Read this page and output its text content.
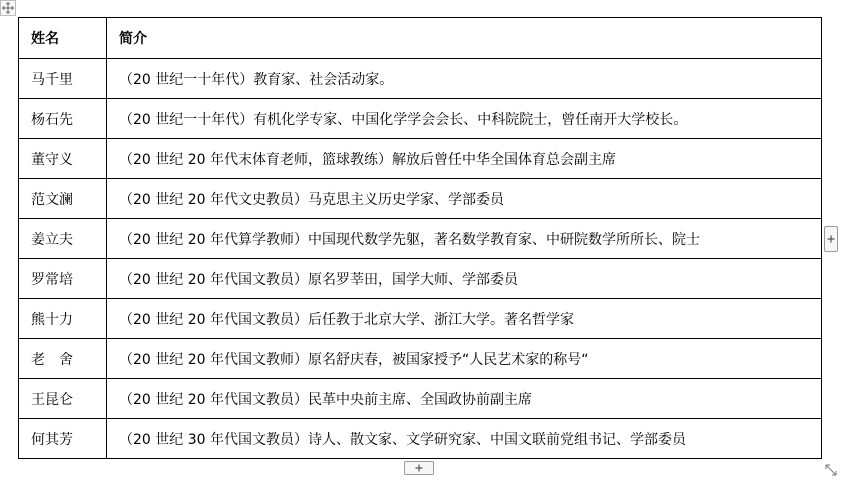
姓名	简介
马千里	（20 世纪一十年代）教育家、社会活动家。
杨石先	（20 世纪一十年代）有机化学专家、中国化学学会会长、中科院院士，曾任南开大学校长。
董守义	（20 世纪 20 年代末体育老师，篮球教练）解放后曾任中华全国体育总会副主席
范文澜	（20 世纪 20 年代文史教员）马克思主义历史学家、学部委员
姜立夫	（20 世纪 20 年代算学教师）中国现代数学先躯，著名数学教育家、中研院数学所所长、院士
罗常培	（20 世纪 20 年代国文教员）原名罗莘田，国学大师、学部委员
熊十力	（20 世纪 20 年代国文教员）后任教于北京大学、浙江大学。著名哲学家
老　舍	（20 世纪 20 年代国文教师）原名舒庆春，被国家授予“人民艺术家的称号“
王昆仑	（20 世纪 20 年代国文教员）民革中央前主席、全国政协前副主席
何其芳	（20 世纪 30 年代国文教员）诗人、散文家、文学研究家、中国文联前党组书记、学部委员
